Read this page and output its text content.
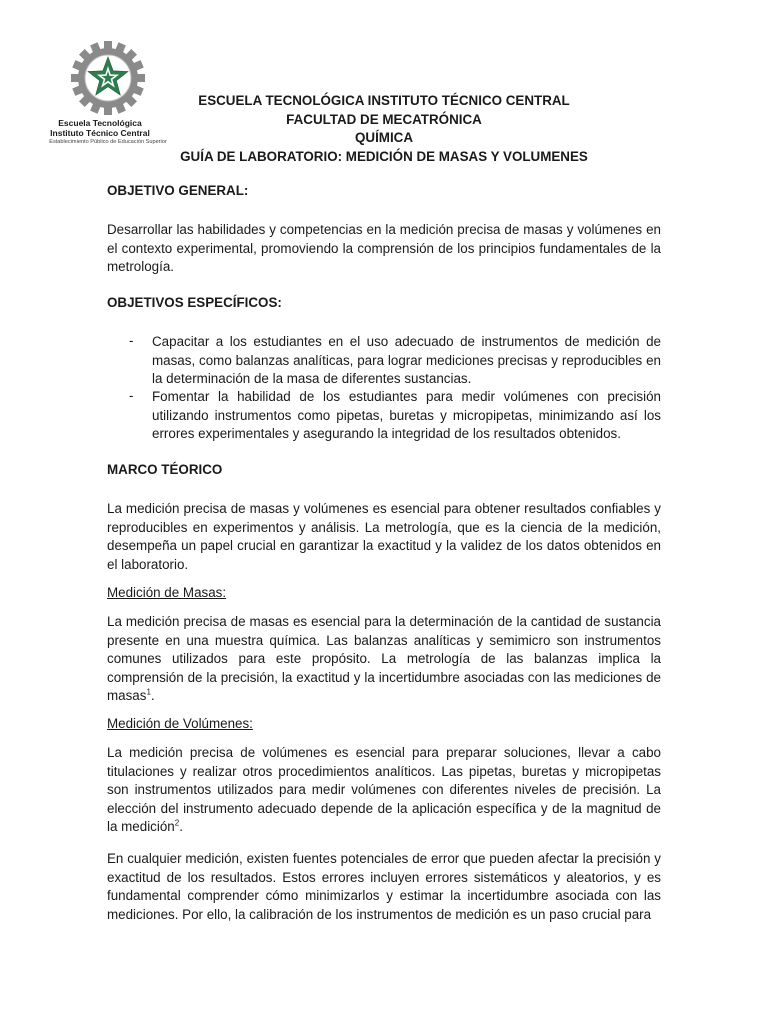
Escuela Tecnológica
Instituto Técnico Central
Establecimiento Público de Educación Superior
ESCUELA TECNOLÓGICA INSTITUTO TÉCNICO CENTRAL
FACULTAD DE MECATRÓNICA
QUÍMICA
GUÍA DE LABORATORIO: MEDICIÓN DE MASAS Y VOLUMENES
OBJETIVO GENERAL:
Desarrollar las habilidades y competencias en la medición precisa de masas y volúmenes en el contexto experimental, promoviendo la comprensión de los principios fundamentales de la metrología.
OBJETIVOS ESPECÍFICOS:
- Capacitar a los estudiantes en el uso adecuado de instrumentos de medición de masas, como balanzas analíticas, para lograr mediciones precisas y reproducibles en la determinación de la masa de diferentes sustancias.
- Fomentar la habilidad de los estudiantes para medir volúmenes con precisión utilizando instrumentos como pipetas, buretas y micropipetas, minimizando así los errores experimentales y asegurando la integridad de los resultados obtenidos.
MARCO TÉORICO
La medición precisa de masas y volúmenes es esencial para obtener resultados confiables y reproducibles en experimentos y análisis. La metrología, que es la ciencia de la medición, desempeña un papel crucial en garantizar la exactitud y la validez de los datos obtenidos en el laboratorio.
Medición de Masas:
La medición precisa de masas es esencial para la determinación de la cantidad de sustancia presente en una muestra química. Las balanzas analíticas y semimicro son instrumentos comunes utilizados para este propósito. La metrología de las balanzas implica la comprensión de la precisión, la exactitud y la incertidumbre asociadas con las mediciones de masas$^1$.
Medición de Volúmenes:
La medición precisa de volúmenes es esencial para preparar soluciones, llevar a cabo titulaciones y realizar otros procedimientos analíticos. Las pipetas, buretas y micropipetas son instrumentos utilizados para medir volúmenes con diferentes niveles de precisión. La elección del instrumento adecuado depende de la aplicación específica y de la magnitud de la medición$^2$.
En cualquier medición, existen fuentes potenciales de error que pueden afectar la precisión y exactitud de los resultados. Estos errores incluyen errores sistemáticos y aleatorios, y es fundamental comprender cómo minimizarlos y estimar la incertidumbre asociada con las mediciones. Por ello, la calibración de los instrumentos de medición es un paso crucial para
